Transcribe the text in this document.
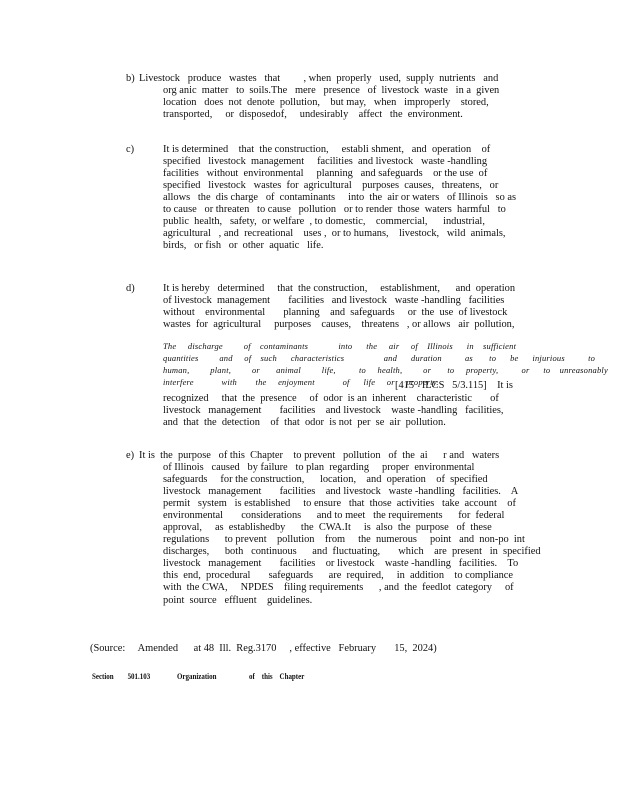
b) Livestock   produce   wastes   that         , when  properly   used,  supply  nutrients   and
org anic  matter   to  soils.The   mere   presence   of  livestock  waste   in a  given
location   does  not  denote  pollution,    but may,   when   improperly    stored,
transported,     or  disposedof,     undesirably    affect   the  environment.
c)	It is determined    that  the construction,     establi shment,   and  operation    of
specified   livestock  management     facilities  and livestock   waste -handling
facilities   without  environmental     planning   and safeguards    or the use  of
specified   livestock   wastes  for  agricultural    purposes  causes,   threatens,   or
allows   the  dis charge   of  contaminants     into  the  air or waters   of Illinois   so as
to cause   or threaten   to cause   pollution   or to render  those  waters  harmful   to
public  health,   safety,  or welfare  , to domestic,    commercial,      industrial,
agricultural   , and  recreational    uses ,  or to humans,    livestock,   wild  animals,
birds,   or fish   or  other  aquatic   life.
d)	It is hereby   determined     that  the construction,     establishment,      and  operation
of livestock  management       facilities   and livestock   waste -handling   facilities
without    environmental       planning    and  safeguards     or  the  use  of livestock
wastes  for  agricultural     purposes    causes,    threatens   , or allows   air  pollution,
The     discharge         of    contaminants             into      the     air     of    Illinois      in    sufficient
quantities         and     of    such      characteristics                 and      duration          as       to      be      injurious          to
human,         plant,         or       animal         life,          to     health,         or       to     property,          or      to    unreasonably
interfere            with        the     enjoyment            of      life     or     property.
[415   ILCS   5/3.115]    It is
recognized     that  the  presence     of  odor  is an  inherent    characteristic       of
livestock   management       facilities    and livestock    waste -handling   facilities,
and  that  the  detection    of  that  odor  is not  per  se  air  pollution.
e) It is  the  purpose   of this  Chapter    to prevent   pollution   of  the  ai      r and   waters
of Illinois   caused   by failure   to plan  regarding     proper  environmental
safeguards     for the construction,      location,    and  operation    of  specified
livestock   management       facilities    and livestock   waste -handling   facilities.    A
permit   system   is established     to ensure   that  those  activities   take  account    of
environmental       considerations      and to meet   the requirements      for  federal
approval,     as  establishedby      the  CWA.It     is  also  the  purpose   of  these
regulations      to prevent    pollution    from     the  numerous     point   and  non-po  int
discharges,      both   continuous      and  fluctuating,       which    are  present   in  specified
livestock   management       facilities    or livestock    waste -handling   facilities.    To
this  end,  procedural       safeguards      are  required,     in  addition    to compliance
with  the CWA,     NPDES    filing requirements      , and  the  feedlot  category     of
point  source   effluent    guidelines.
(Source:     Amended      at 48  Ill.  Reg.3170     , effective   February       15,  2024)
Section        501.103	Organization	of    this    Chapter
